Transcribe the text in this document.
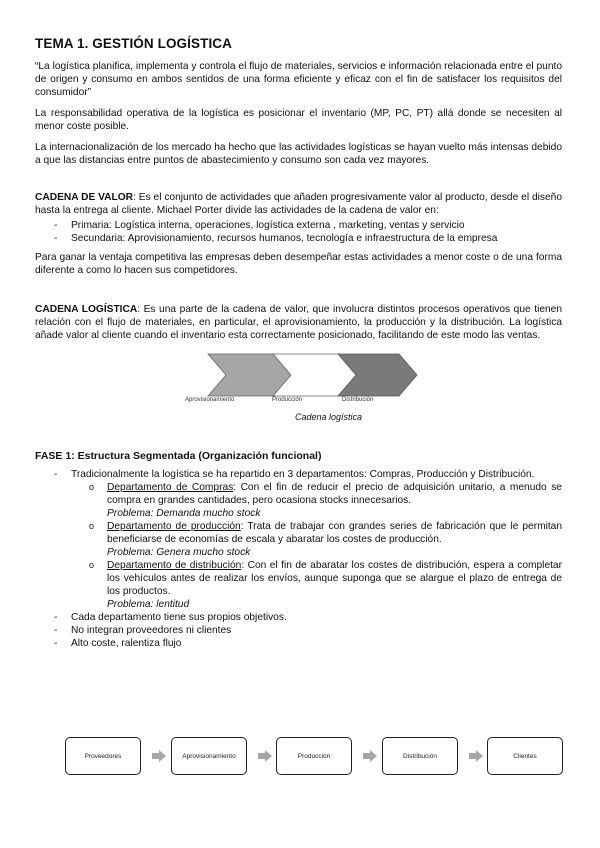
TEMA 1. GESTIÓN LOGÍSTICA

“La logística planifica, implementa y controla el flujo de materiales, servicios e información relacionada entre el punto de origen y consumo en ambos sentidos de una forma eficiente y eficaz con el fin de satisfacer los requisitos del consumidor”

La responsabilidad operativa de la logística es posicionar el inventario (MP, PC, PT) allá donde se necesiten al menor coste posible.

La internacionalización de los mercado ha hecho que las actividades logísticas se hayan vuelto más intensas debido a que las distancias entre puntos de abastecimiento y consumo son cada vez mayores.

CADENA DE VALOR: Es el conjunto de actividades que añaden progresivamente valor al producto, desde el diseño hasta la entrega al cliente. Michael Porter divide las actividades de la cadena de valor en:

- Primaria: Logística interna, operaciones, logística externa , marketing, ventas y servicio
- Secundaria: Aprovisionamiento, recursos humanos, tecnología e infraestructura de la empresa

Para ganar la ventaja competitiva las empresas deben desempeñar estas actividades a menor coste o de una forma diferente a como lo hacen sus competidores.

CADENA LOGÍSTICA: Es una parte de la cadena de valor, que involucra distintos procesos operativos que tienen relación con el flujo de materiales, en particular, el aprovisionamiento, la producción y la distribución. La logística añade valor al cliente cuando el inventario esta correctamente posicionado, facilitando de este modo las ventas.

Aprovisionamiento	Producción	Distribución
Cadena logística
FASE 1: Estructura Segmentada (Organización funcional)
- Tradicionalmente la logística se ha repartido en 3 departamentos: Compras, Producción y Distribución.
o Departamento de Compras: Con el fin de reducir el precio de adquisición unitario, a menudo se compra en grandes cantidades, pero ocasiona stocks innecesarios.
Problema: Demanda mucho stock
o Departamento de producción: Trata de trabajar con grandes series de fabricación que le permitan beneficiarse de economías de escala y abaratar los costes de producción.
Problema: Genera mucho stock
o Departamento de distribución: Con el fin de abaratar los costes de distribución, espera a completar los vehículos antes de realizar los envíos, aunque suponga que se alargue el plazo de entrega de los productos.
Problema: lentitud
- Cada departamento tiene sus propios objetivos.
- No integran proveedores ni clientes
- Alto coste, ralentiza flujo
Proveedores	Aprovisionamiento	Producción	Distribución	Clientes
